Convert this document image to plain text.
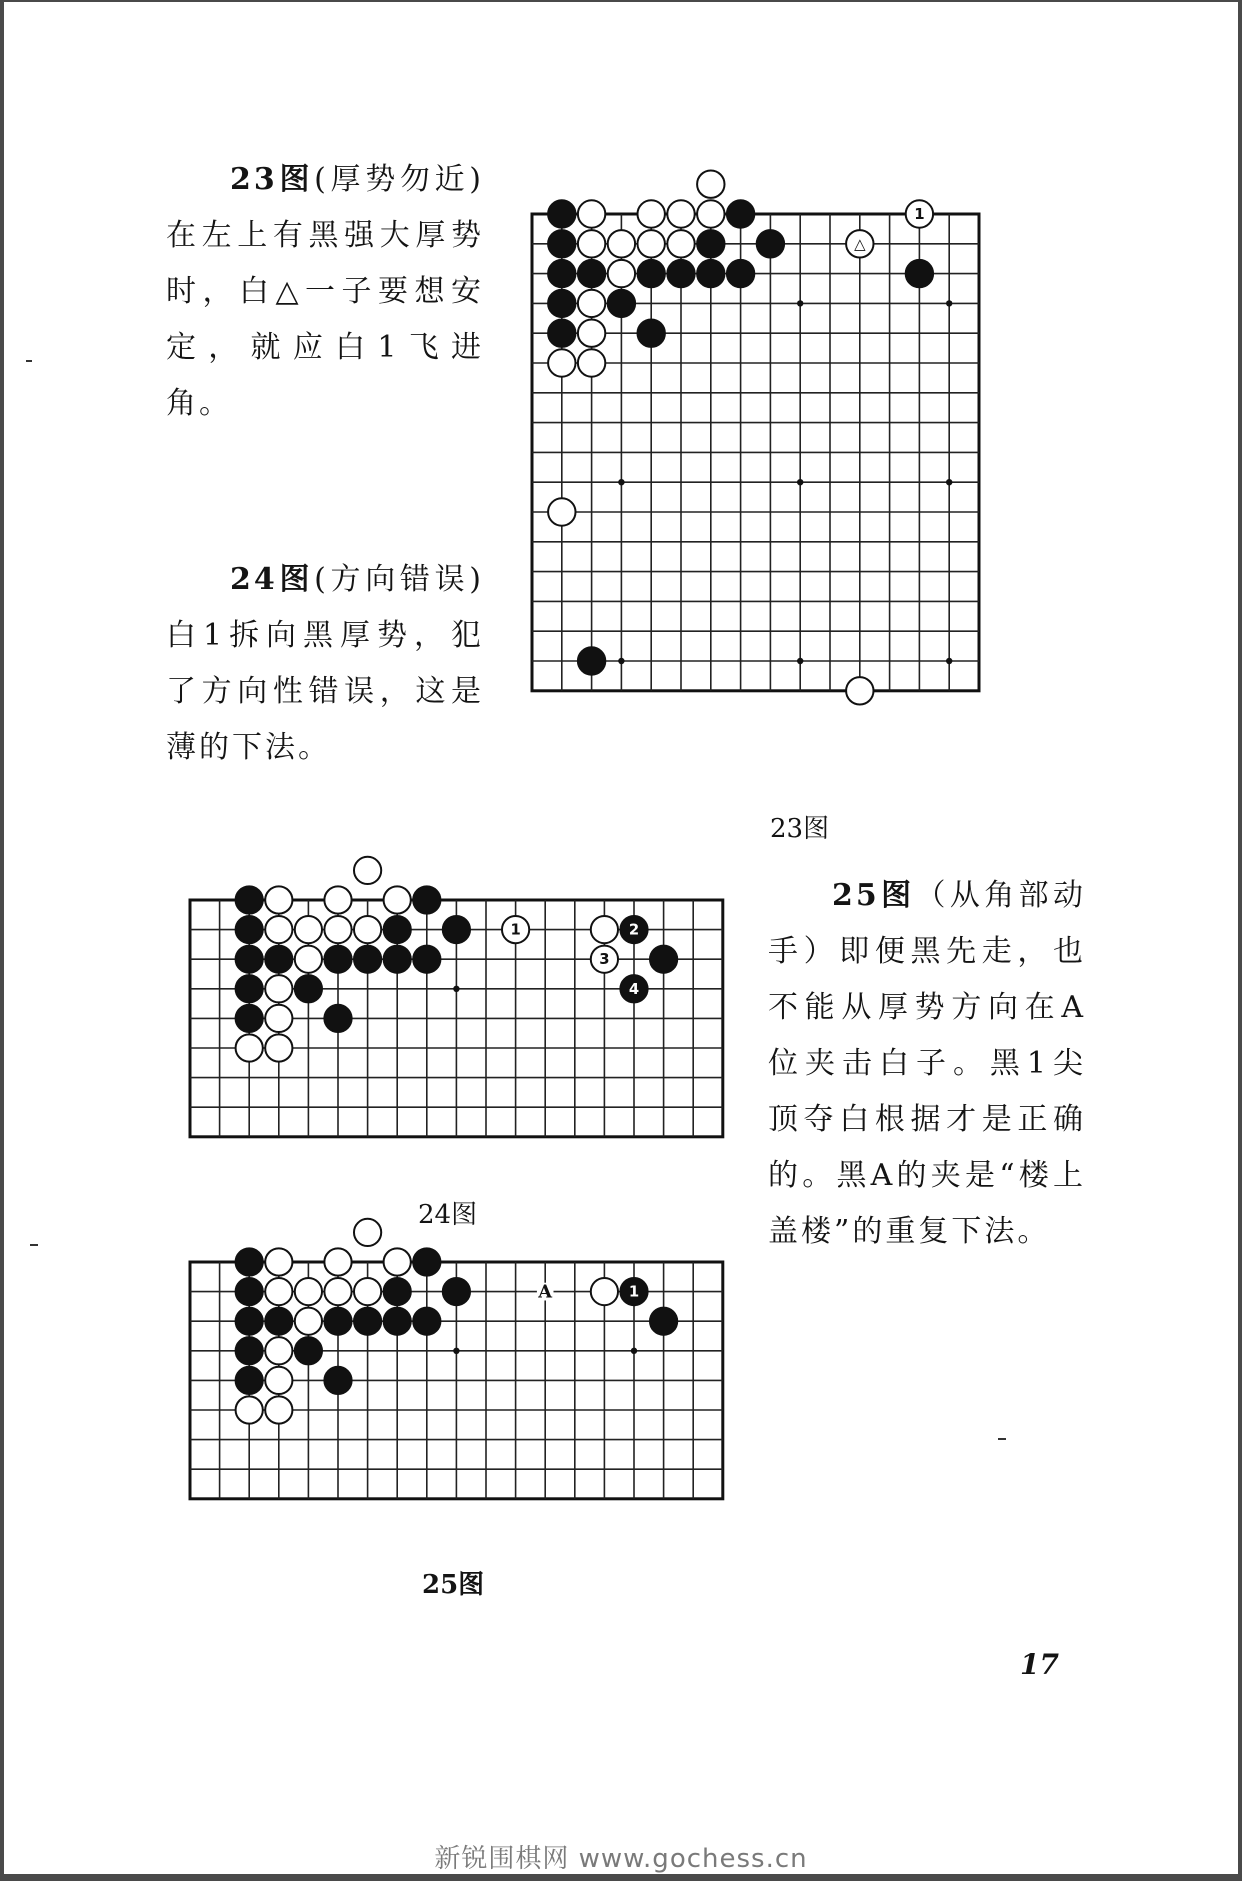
23图(厚势勿近)在左上有黑强大厚势时，白△一子要想安定，就应白1飞进角。

24图(方向错误)白1拆向黑厚势，犯了方向性错误，这是薄的下法。

25图（从角部动手）即便黑先走，也不能从厚势方向在A位夹击白子。黑1尖顶夺白根据才是正确的。黑A的夹是“楼上盖楼”的重复下法。

1
△
23图
1	2
3
4
24图
1
A
25图
17
新锐围棋网 www.gochess.cn
